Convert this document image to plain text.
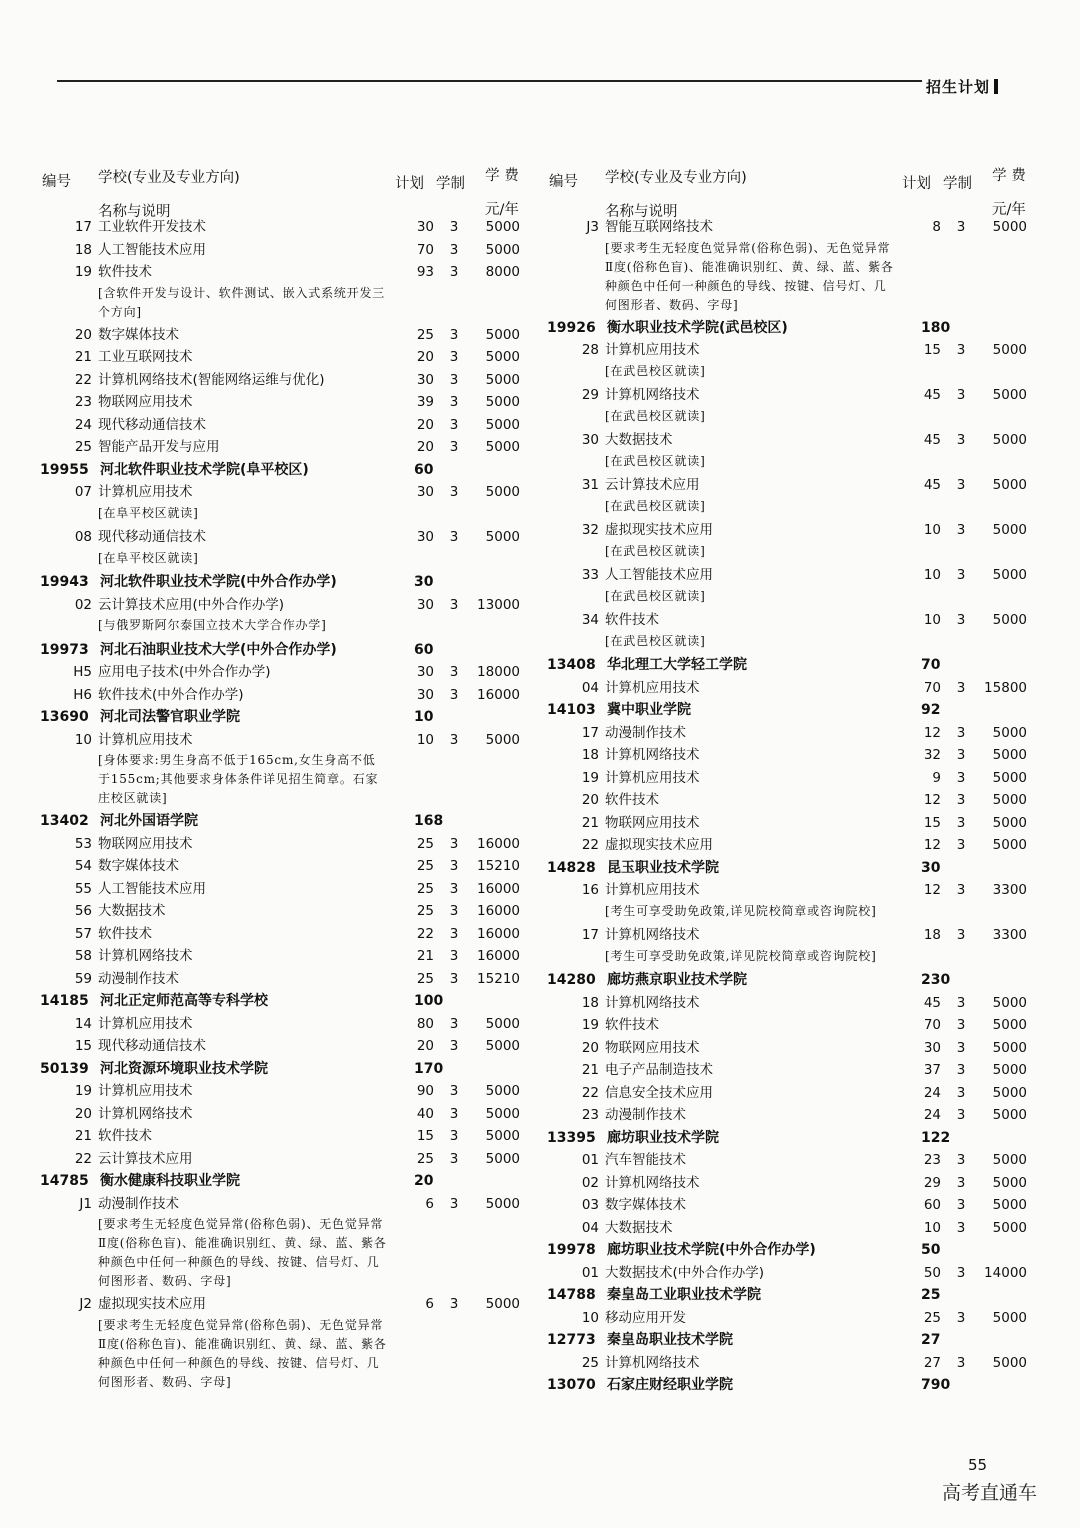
招生计划
编号 学校(专业及专业方向)

名称与说明
计划 学制 学 费

元/年
17 工业软件开发技术	30 3	5000
18 人工智能技术应用	70 3	5000
19 软件技术	93 3	8000
[含软件开发与设计、软件测试、嵌入式系统开发三个方向]
20 数字媒体技术	25 3	5000
21 工业互联网技术	20 3	5000
22 计算机网络技术(智能网络运维与优化)	30 3	5000
23 物联网应用技术	39 3	5000
24 现代移动通信技术	20 3	5000
25 智能产品开发与应用	20 3	5000
19955 河北软件职业技术学院(阜平校区)	60
07 计算机应用技术	30 3	5000
[在阜平校区就读]
08 现代移动通信技术	30 3	5000
[在阜平校区就读]
19943 河北软件职业技术学院(中外合作办学)	30
02 云计算技术应用(中外合作办学)	30 3 13000
[与俄罗斯阿尔泰国立技术大学合作办学]
19973 河北石油职业技术大学(中外合作办学)	60
H5 应用电子技术(中外合作办学)	30 3 18000
H6 软件技术(中外合作办学)	30 3 16000
13690 河北司法警官职业学院	10
10 计算机应用技术	10 3	5000
[身体要求:男生身高不低于165cm,女生身高不低于155cm;其他要求身体条件详见招生简章。石家庄校区就读]
13402 河北外国语学院	168
53 物联网应用技术	25 3 16000
54 数字媒体技术	25 3 15210
55 人工智能技术应用	25 3 16000
56 大数据技术	25 3 16000
57 软件技术	22 3 16000
58 计算机网络技术	21 3 16000
59 动漫制作技术	25 3 15210
14185 河北正定师范高等专科学校	100
14 计算机应用技术	80 3	5000
15 现代移动通信技术	20 3	5000
50139 河北资源环境职业技术学院	170
19 计算机应用技术	90 3	5000
20 计算机网络技术	40 3	5000
21 软件技术	15 3	5000
22 云计算技术应用	25 3	5000
14785 衡水健康科技职业学院	20
J1 动漫制作技术	6 3	5000
[要求考生无轻度色觉异常(俗称色弱)、无色觉异常Ⅱ度(俗称色盲)、能准确识别红、黄、绿、蓝、紫各种颜色中任何一种颜色的导线、按键、信号灯、几何图形者、数码、字母]
J2 虚拟现实技术应用	6 3	5000
[要求考生无轻度色觉异常(俗称色弱)、无色觉异常Ⅱ度(俗称色盲)、能准确识别红、黄、绿、蓝、紫各种颜色中任何一种颜色的导线、按键、信号灯、几何图形者、数码、字母]
编号 学校(专业及专业方向)

名称与说明
计划 学制 学 费

元/年
J3 智能互联网络技术	8 3	5000
[要求考生无轻度色觉异常(俗称色弱)、无色觉异常Ⅱ度(俗称色盲)、能准确识别红、黄、绿、蓝、紫各种颜色中任何一种颜色的导线、按键、信号灯、几何图形者、数码、字母]
19926 衡水职业技术学院(武邑校区)	180
28 计算机应用技术	15 3	5000
[在武邑校区就读]
29 计算机网络技术	45 3	5000
[在武邑校区就读]
30 大数据技术	45 3	5000
[在武邑校区就读]
31 云计算技术应用	45 3	5000
[在武邑校区就读]
32 虚拟现实技术应用	10 3	5000
[在武邑校区就读]
33 人工智能技术应用	10 3	5000
[在武邑校区就读]
34 软件技术	10 3	5000
[在武邑校区就读]
13408 华北理工大学轻工学院	70
04 计算机应用技术	70 3 15800
14103 冀中职业学院	92
17 动漫制作技术	12 3	5000
18 计算机网络技术	32 3	5000
19 计算机应用技术	9 3	5000
20 软件技术	12 3	5000
21 物联网应用技术	15 3	5000
22 虚拟现实技术应用	12 3	5000
14828 昆玉职业技术学院	30
16 计算机应用技术	12 3	3300
[考生可享受助免政策,详见院校简章或咨询院校]
17 计算机网络技术	18 3	3300
[考生可享受助免政策,详见院校简章或咨询院校]
14280 廊坊燕京职业技术学院	230
18 计算机网络技术	45 3	5000
19 软件技术	70 3	5000
20 物联网应用技术	30 3	5000
21 电子产品制造技术	37 3	5000
22 信息安全技术应用	24 3	5000
23 动漫制作技术	24 3	5000
13395 廊坊职业技术学院	122
01 汽车智能技术	23 3	5000
02 计算机网络技术	29 3	5000
03 数字媒体技术	60 3	5000
04 大数据技术	10 3	5000
19978 廊坊职业技术学院(中外合作办学)	50
01 大数据技术(中外合作办学)	50 3 14000
14788 秦皇岛工业职业技术学院	25
10 移动应用开发	25 3	5000
12773 秦皇岛职业技术学院	27
25 计算机网络技术	27 3	5000
13070 石家庄财经职业学院	790
55
高考直通车
